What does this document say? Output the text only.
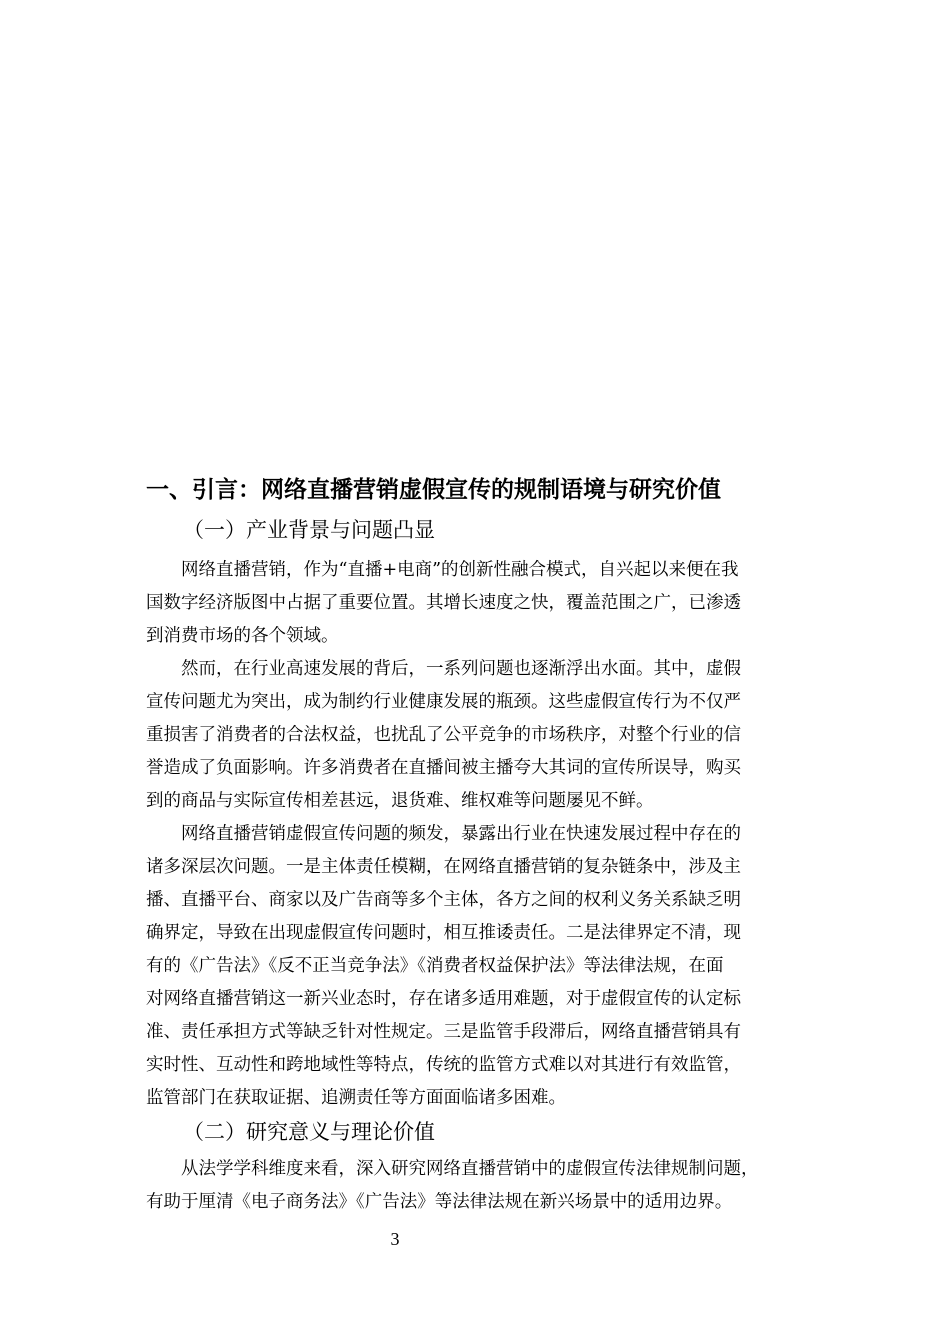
一、引言：网络直播营销虚假宣传的规制语境与研究价值
（一）产业背景与问题凸显
网络直播营销，作为“直播+电商”的创新性融合模式，自兴起以来便在我
国数字经济版图中占据了重要位置。其增长速度之快，覆盖范围之广，已渗透
到消费市场的各个领域。
然而，在行业高速发展的背后，一系列问题也逐渐浮出水面。其中，虚假
宣传问题尤为突出，成为制约行业健康发展的瓶颈。这些虚假宣传行为不仅严
重损害了消费者的合法权益，也扰乱了公平竞争的市场秩序，对整个行业的信
誉造成了负面影响。许多消费者在直播间被主播夸大其词的宣传所误导，购买
到的商品与实际宣传相差甚远，退货难、维权难等问题屡见不鲜。
网络直播营销虚假宣传问题的频发，暴露出行业在快速发展过程中存在的
诸多深层次问题。一是主体责任模糊，在网络直播营销的复杂链条中，涉及主
播、直播平台、商家以及广告商等多个主体，各方之间的权利义务关系缺乏明
确界定，导致在出现虚假宣传问题时，相互推诿责任。二是法律界定不清，现
有的《广告法》《反不正当竞争法》《消费者权益保护法》等法律法规，在面
对网络直播营销这一新兴业态时，存在诸多适用难题，对于虚假宣传的认定标
准、责任承担方式等缺乏针对性规定。三是监管手段滞后，网络直播营销具有
实时性、互动性和跨地域性等特点，传统的监管方式难以对其进行有效监管，
监管部门在获取证据、追溯责任等方面面临诸多困难。
（二）研究意义与理论价值
从法学学科维度来看，深入研究网络直播营销中的虚假宣传法律规制问题，
有助于厘清《电子商务法》《广告法》等法律法规在新兴场景中的适用边界。
3
